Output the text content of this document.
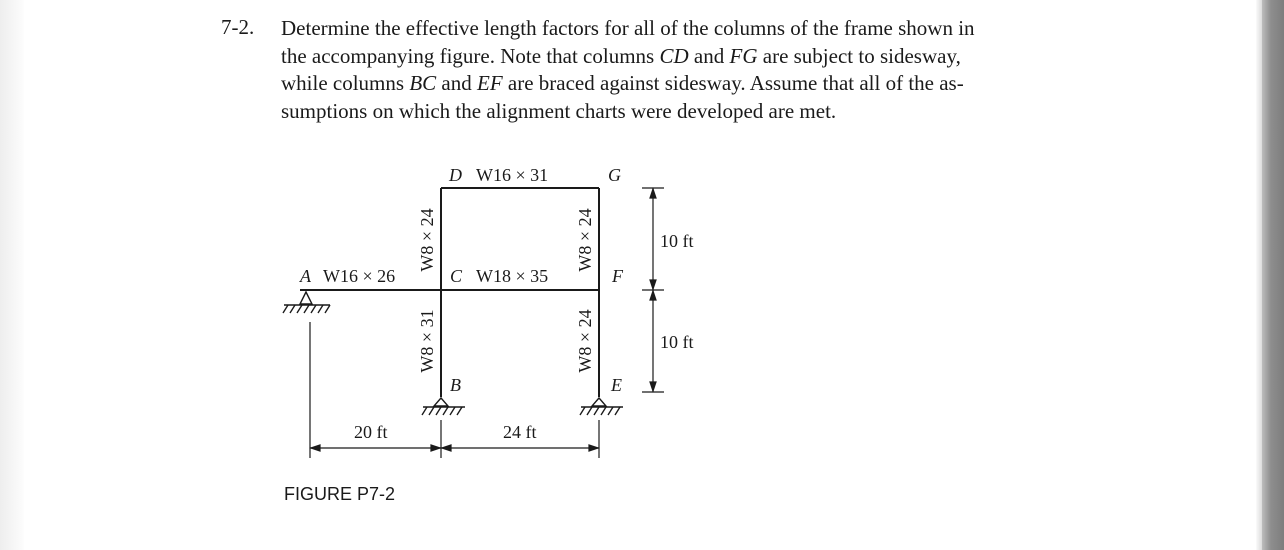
7-2. Determine the effective length factors for all of the columns of the frame shown in
the accompanying figure. Note that columns CD and FG are subject to sidesway,
while columns BC and EF are braced against sidesway. Assume that all of the as-
sumptions on which the alignment charts were developed are met.
D	G
A	C	F
B	E
W16 × 31
W16 × 26	W18 × 35
W8 × 24
W8 × 31
W8 × 24
W8 × 24
20 ft	24 ft
10 ft
10 ft
FIGURE P7-2
